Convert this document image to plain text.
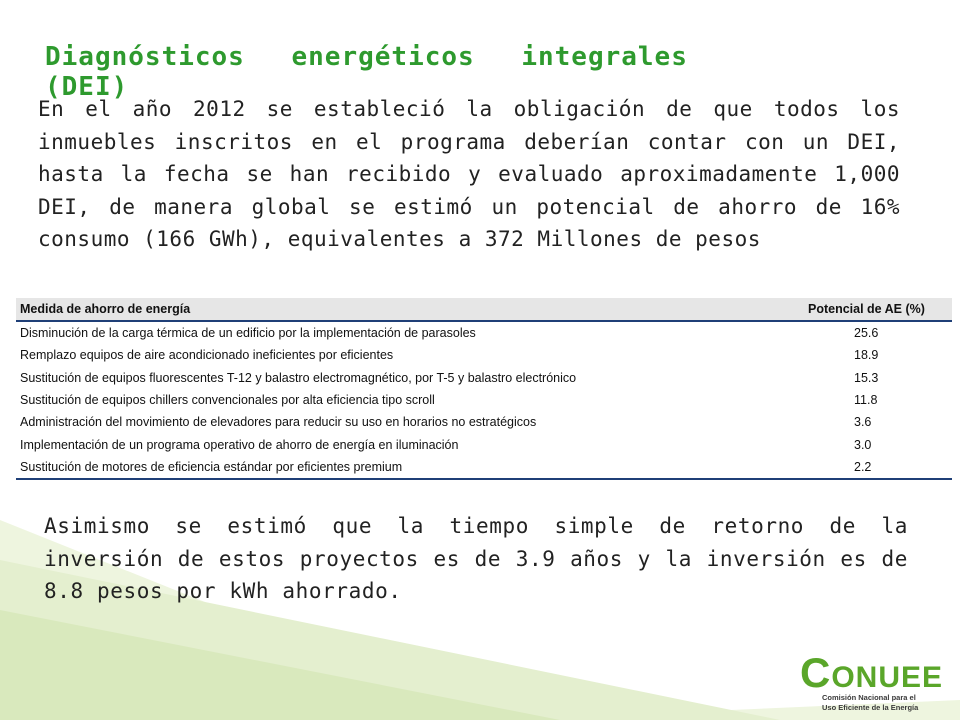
Diagnósticos energéticos integrales (DEI)

En el año 2012 se estableció la obligación de que todos los inmuebles inscritos en el programa deberían contar con un DEI, hasta la fecha se han recibido y evaluado aproximadamente 1,000 DEI, de manera global se estimó un potencial de ahorro de 16% consumo (166 GWh), equivalentes a 372 Millones de pesos

Medida de ahorro de energía	Potencial de AE (%)
Disminución de la carga térmica de un edificio por la implementación de parasoles	25.6
Remplazo equipos de aire acondicionado ineficientes por eficientes	18.9
Sustitución de equipos fluorescentes T-12 y balastro electromagnético, por T-5 y balastro electrónico	15.3
Sustitución de equipos chillers convencionales por alta eficiencia tipo scroll	11.8
Administración del movimiento de elevadores para reducir su uso en horarios no estratégicos	3.6
Implementación de un programa operativo de ahorro de energía en iluminación	3.0
Sustitución de motores de eficiencia estándar por eficientes premium	2.2

Asimismo se estimó que la tiempo simple de retorno de la inversión de estos proyectos es de 3.9 años y la inversión es de 8.8 pesos por kWh ahorrado.

CONUEE
Comisión Nacional para el
Uso Eficiente de la Energía
